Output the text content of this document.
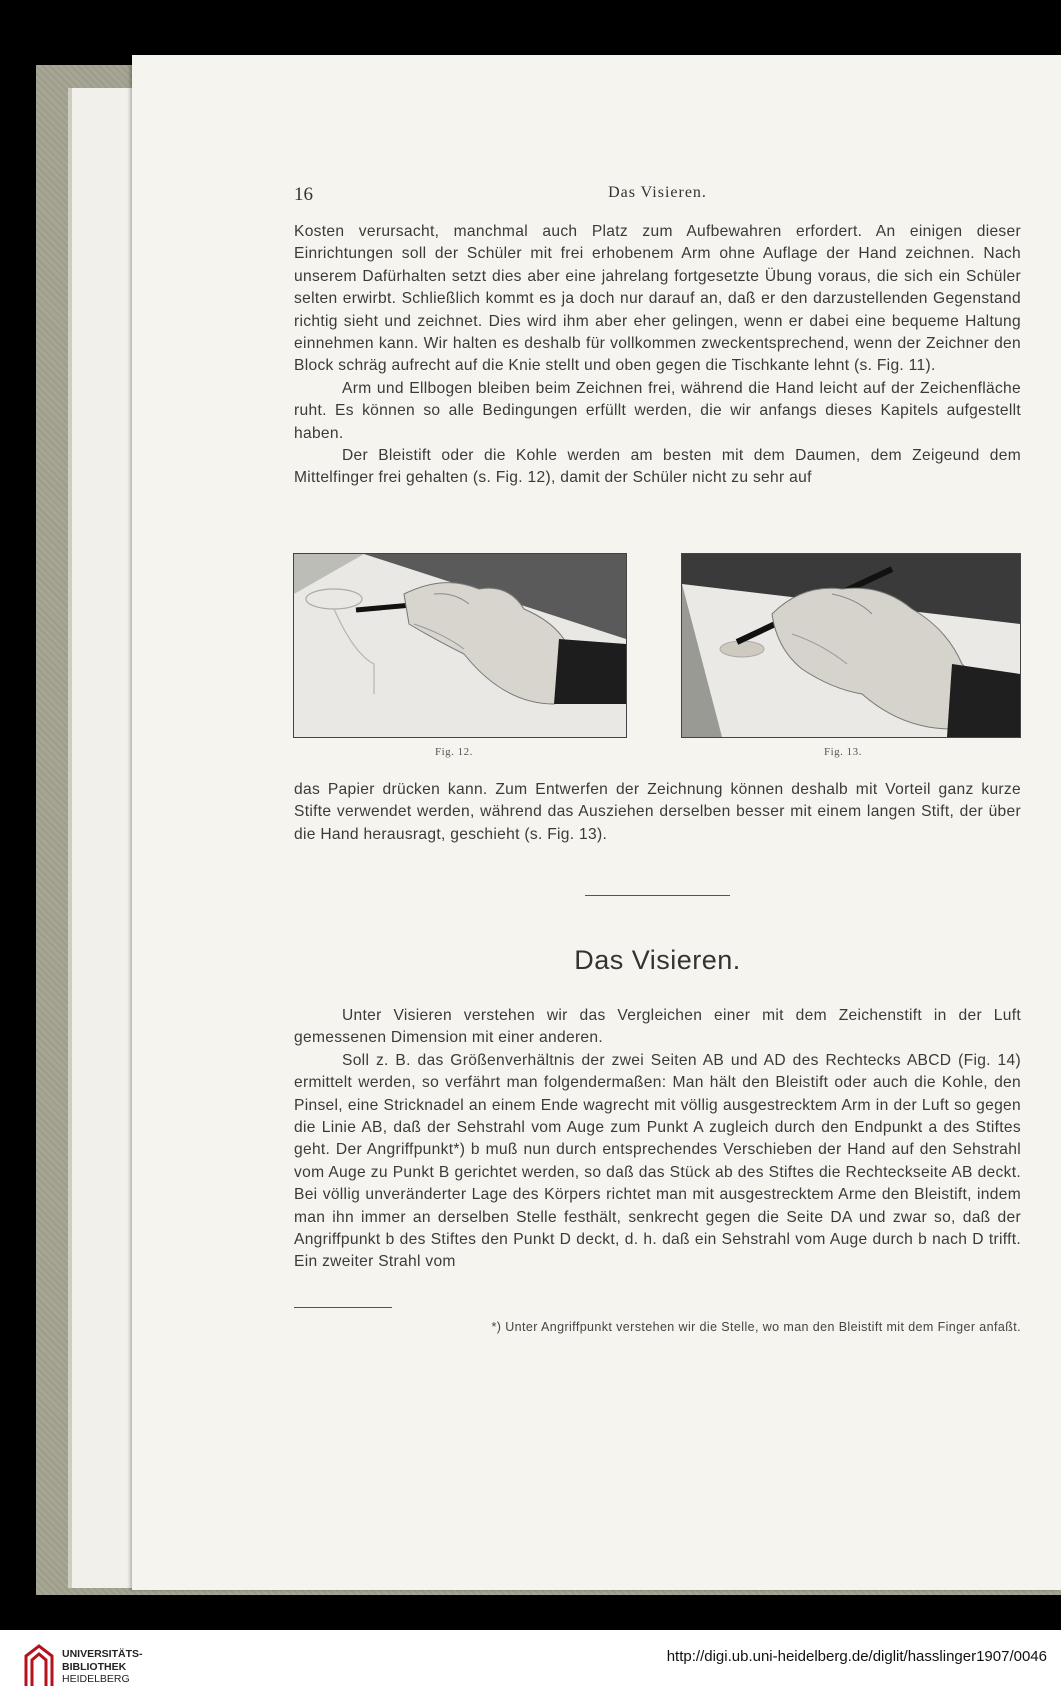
16	Das Visieren.

Kosten verursacht, manchmal auch Platz zum Aufbewahren erfordert. An einigen dieser Einrichtungen soll der Schüler mit frei erhobenem Arm ohne Auflage der Hand zeichnen. Nach unserem Dafürhalten setzt dies aber eine jahrelang fortgesetzte Übung voraus, die sich ein Schüler selten erwirbt. Schließlich kommt es ja doch nur darauf an, daß er den darzustellenden Gegenstand richtig sieht und zeichnet. Dies wird ihm aber eher gelingen, wenn er dabei eine bequeme Haltung einnehmen kann. Wir halten es deshalb für vollkommen zweckentsprechend, wenn der Zeichner den Block schräg aufrecht auf die Knie stellt und oben gegen die Tischkante lehnt (s. Fig. 11).

Arm und Ellbogen bleiben beim Zeichnen frei, während die Hand leicht auf der Zeichenfläche ruht. Es können so alle Bedingungen erfüllt werden, die wir anfangs dieses Kapitels aufgestellt haben.

Der Bleistift oder die Kohle werden am besten mit dem Daumen, dem Zeigeund dem Mittelfinger frei gehalten (s. Fig. 12), damit der Schüler nicht zu sehr auf

Fig. 12.	Fig. 13.

das Papier drücken kann. Zum Entwerfen der Zeichnung können deshalb mit Vorteil ganz kurze Stifte verwendet werden, während das Ausziehen derselben besser mit einem langen Stift, der über die Hand herausragt, geschieht (s. Fig. 13).

Das Visieren.

Unter Visieren verstehen wir das Vergleichen einer mit dem Zeichenstift in der Luft gemessenen Dimension mit einer anderen.

Soll z. B. das Größenverhältnis der zwei Seiten AB und AD des Rechtecks ABCD (Fig. 14) ermittelt werden, so verfährt man folgendermaßen: Man hält den Bleistift oder auch die Kohle, den Pinsel, eine Stricknadel an einem Ende wagrecht mit völlig ausgestrecktem Arm in der Luft so gegen die Linie AB, daß der Sehstrahl vom Auge zum Punkt A zugleich durch den Endpunkt a des Stiftes geht. Der Angriffpunkt*) b muß nun durch entsprechendes Verschieben der Hand auf den Sehstrahl vom Auge zu Punkt B gerichtet werden, so daß das Stück ab des Stiftes die Rechteckseite AB deckt. Bei völlig unveränderter Lage des Körpers richtet man mit ausgestrecktem Arme den Bleistift, indem man ihn immer an derselben Stelle festhält, senkrecht gegen die Seite DA und zwar so, daß der Angriffpunkt b des Stiftes den Punkt D deckt, d. h. daß ein Sehstrahl vom Auge durch b nach D trifft. Ein zweiter Strahl vom

*) Unter Angriffpunkt verstehen wir die Stelle, wo man den Bleistift mit dem Finger anfaßt.
UNIVERSITÄTS-
BIBLIOTHEK
HEIDELBERG
http://digi.ub.uni-heidelberg.de/diglit/hasslinger1907/0046
